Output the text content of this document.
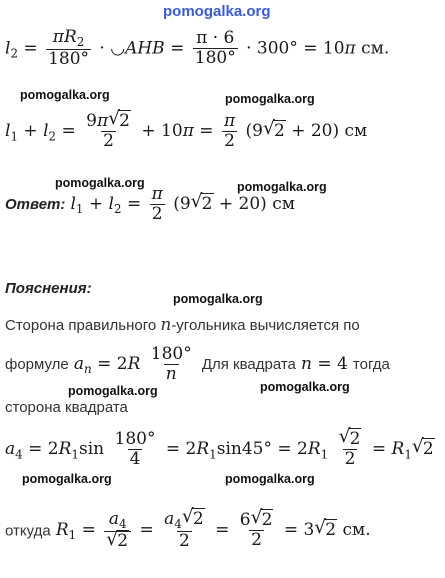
pomogalka.org
$l_2 = \frac{\pi R_2}{180^\circ}$ · ◡AHB = $\frac{\pi \cdot 6}{180^\circ} \cdot 300^\circ = 10\pi$ см.
pomogalka.org	pomogalka.org
$l_1 + l_2 = \frac{9\pi √ 2}{2} + 10\pi = \frac{\pi}{2} (9$ √ 2 + 20) см
pomogalka.org	pomogalka.org
Ответ: $l_1 + l_2 = \frac{\pi}{2} (9$ √ 2 + 20) см
Пояснения:
pomogalka.org
Сторона правильного n-угольника вычисляется по
формуле $a_n = 2R \frac{180^\circ}{n}$ Для квадрата n = 4 тогда
pomogalka.org	pomogalka.org
сторона квадрата
$a_4 = 2R_1\sin \frac{180^\circ}{4} = 2R_1\sin 45^\circ = 2R_1 \frac{√ 2}{2} = R_1$ √ 2
pomogalka.org	pomogalka.org
откуда $R_1 = \frac{a_4}{√ 2} = \frac{a_4 √ 2}{2} = \frac{6 √ 2}{2} = 3$ √ 2 см.
